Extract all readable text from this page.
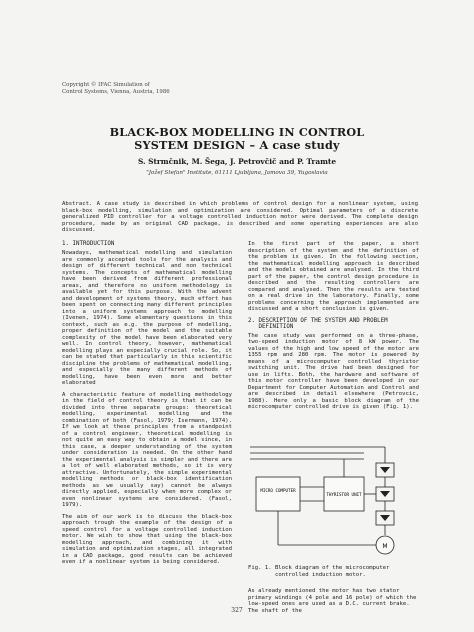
Copyright © IFAC Simulation of
Control Systems, Vienna, Austria, 1986
BLACK-BOX MODELLING IN CONTROL
SYSTEM DESIGN – A case study
S. Strmčnik, M. Šega, J. Petrovčič and P. Tramte
"Jožef Stefan" Institute, 61111 Ljubljana, Jamova 39, Yugoslavia
Abstract. A case study is described in which problems of control design for a nonlinear system, using black-box modelling, simulation and optimization are considered. Optimal parameters of a discrete generalized PID controller for a voltage controlled induction motor were derived. The complete design procedure, made by an original CAD package, is described and some operating experiences are also discussed.
1. INTRODUCTION
Nowadays, mathematical modelling and simulation are commonly accepted tools for the analysis and design of different technical and non technical systems. The concepts of mathematical modelling have been derived from different professional areas, and therefore no uniform methodology is available yet for this purpose. With the advent and development of systems theory, much effort has been spent on connecting many different principles into a uniform systems approach to modelling (Ivenen, 1974). Some elementary questions in this context, such as e.g. the purpose of modelling, proper definition of the model and the suitable complexity of the model have been elaborated very well. In control theory, however, mathematical modelling plays an especially crucial role. So, it can be stated that particularly in this scientific discipline the problems of mathematical modelling, and especially the many different methods of modelling, have been even more and better elaborated
A characteristic feature of modelling methodology in the field of control theory is that it can be divided into three separate groups: theoretical modelling, experimental modelling and the combination of both (Fasol, 1979; Isermann, 1974). If we look at these principles from a standpoint of a control engineer, theoretical modelling is not quite an easy way to obtain a model since, in this case, a deeper understanding of the system under consideration is needed. On the other hand the experimental analysis is simpler and there are a lot of well elaborated methods, so it is very attractive. Unfortunately, the simple experimental modelling methods or black-box identification methods as we usually say) cannot be always directly applied, especially when more complex or even nonlinear systems are considered. (Fasol, 1979).
The aim of our work is to discuss the black-box approach trough the example of the design of a speed control for a voltage controlled induction motor. We wish to show that using the black-box modelling approach, and combining it with simulation and optimization stages, all integrated in a CAD package, good results can be achieved even if a nonlinear system is being considered.
In the first part of the paper, a short description of the system and the definition of the problem is given. In the following section, the mathematical modelling approach is described and the models obtained are analysed. In the third part of the paper, the control design procedure is described and the resulting controllers are compared and analysed. Then the results are tested on a real drive in the laboratory. Finally, some problems concerning the approach implemented are discussed and a short conclusion is given.
2. DESCRIPTION OF THE SYSTEM AND PROBLEM
DEFINITION
The case study was performed on a three-phase, two-speed induction motor of 8 kW power. The values of the high and low speed of the motor are 1355 rpm and 280 rpm. The motor is powered by means of a microcomputer controlled thyristor switching unit. The drive had been designed for use in lifts. Both, the hardware and software of this motor controller have been developed in our Department for Computer Automation and Control and are described in detail elsewhere (Petrovcic, 1988). Here only a basic block diagram of the microcomputer controlled drive is given (Fig. 1).
MICRO COMPUTER
THYRISTOR UNIT
M
Fig. 1. Block diagram of the microcomputer
controlled induction motor.
As already mentioned the motor has two stator primary windings (4 pole and 16 pole) of which the low-speed ones are used as a D.C. current brake. The shaft of the
327
